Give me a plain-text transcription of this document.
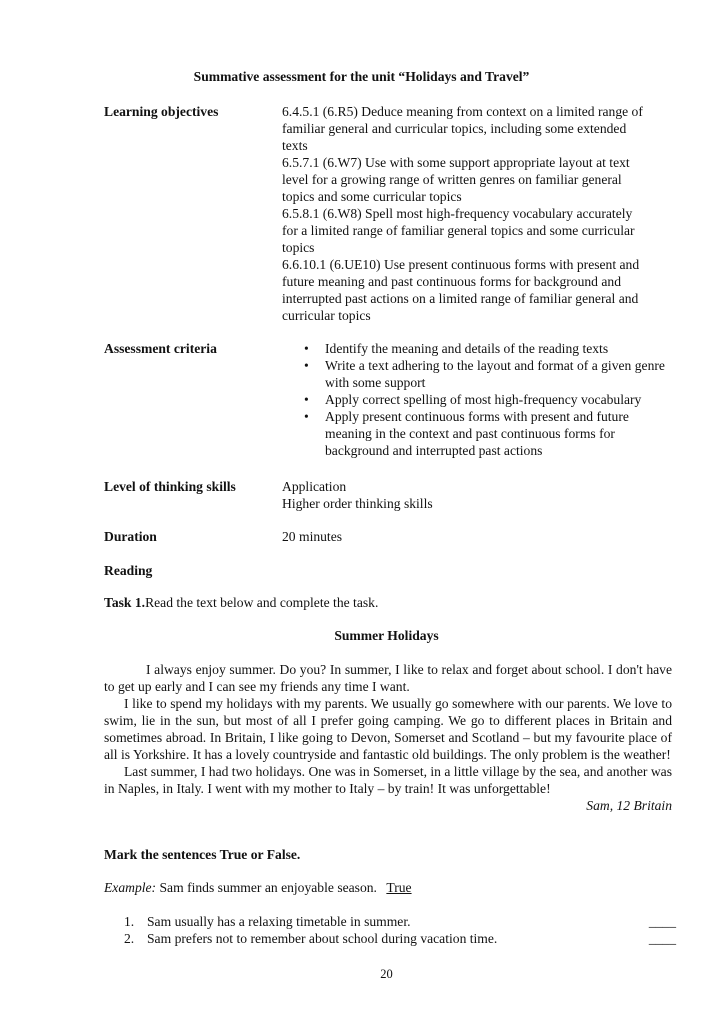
Summative assessment for the unit “Holidays and Travel”
Learning objectives	6.4.5.1 (6.R5) Deduce meaning from context on a limited range of

familiar general and curricular topics, including some extended

texts

6.5.7.1 (6.W7) Use with some support appropriate layout at text

level for a growing range of written genres on familiar general

topics and some curricular topics

6.5.8.1 (6.W8) Spell most high-frequency vocabulary accurately

for a limited range of familiar general topics and some curricular

topics

6.6.10.1 (6.UE10) Use present continuous forms with present and

future meaning and past continuous forms for background and

interrupted past actions on a limited range of familiar general and

curricular topics

Assessment criteria	• Identify the meaning and details of the reading texts
• Write a text adhering to the layout and format of a given genre with some support
• Apply correct spelling of most high-frequency vocabulary
• Apply present continuous forms with present and future meaning in the context and past continuous forms for background and interrupted past actions
Level of thinking skills	Application
Higher order thinking skills
Duration	20 minutes
Reading
Task 1.Read the text below and complete the task.
Summer Holidays

I always enjoy summer. Do you? In summer, I like to relax and forget about school. I don't have to get up early and I can see my friends any time I want.

I like to spend my holidays with my parents. We usually go somewhere with our parents. We love to swim, lie in the sun, but most of all I prefer going camping. We go to different places in Britain and sometimes abroad. In Britain, I like going to Devon, Somerset and Scotland – but my favourite place of all is Yorkshire. It has a lovely countryside and fantastic old buildings. The only problem is the weather!

Last summer, I had two holidays. One was in Somerset, in a little village by the sea, and another was in Naples, in Italy. I went with my mother to Italy – by train! It was unforgettable!

Sam, 12 Britain

Mark the sentences True or False.
Example: Sam finds summer an enjoyable season. True
1. Sam usually has a relaxing timetable in summer.	____
2. Sam prefers not to remember about school during vacation time.	____
20
